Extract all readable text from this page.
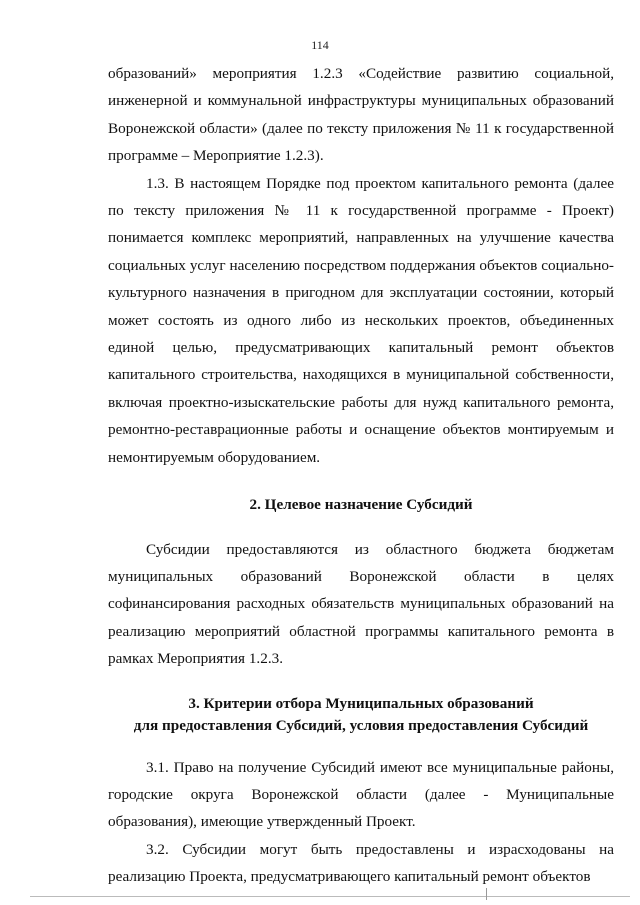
114

образований» мероприятия 1.2.3 «Содействие развитию социальной, инженерной и коммунальной инфраструктуры муниципальных образований Воронежской области» (далее по тексту приложения № 11 к государственной программе – Мероприятие 1.2.3).

1.3. В настоящем Порядке под проектом капитального ремонта (далее по тексту приложения № 11 к государственной программе - Проект) понимается комплекс мероприятий, направленных на улучшение качества социальных услуг населению посредством поддержания объектов социально-культурного назначения в пригодном для эксплуатации состоянии, который может состоять из одного либо из нескольких проектов, объединенных единой целью, предусматривающих капитальный ремонт объектов капитального строительства, находящихся в муниципальной собственности, включая проектно-изыскательские работы для нужд капитального ремонта, ремонтно-реставрационные работы и оснащение объектов монтируемым и немонтируемым оборудованием.

2. Целевое назначение Субсидий

Субсидии предоставляются из областного бюджета бюджетам муниципальных образований Воронежской области в целях софинансирования расходных обязательств муниципальных образований на реализацию мероприятий областной программы капитального ремонта в рамках Мероприятия 1.2.3.

3. Критерии отбора Муниципальных образований
для предоставления Субсидий, условия предоставления Субсидий

3.1. Право на получение Субсидий имеют все муниципальные районы, городские округа Воронежской области (далее - Муниципальные образования), имеющие утвержденный Проект.

3.2. Субсидии могут быть предоставлены и израсходованы на реализацию Проекта, предусматривающего капитальный ремонт объектов
